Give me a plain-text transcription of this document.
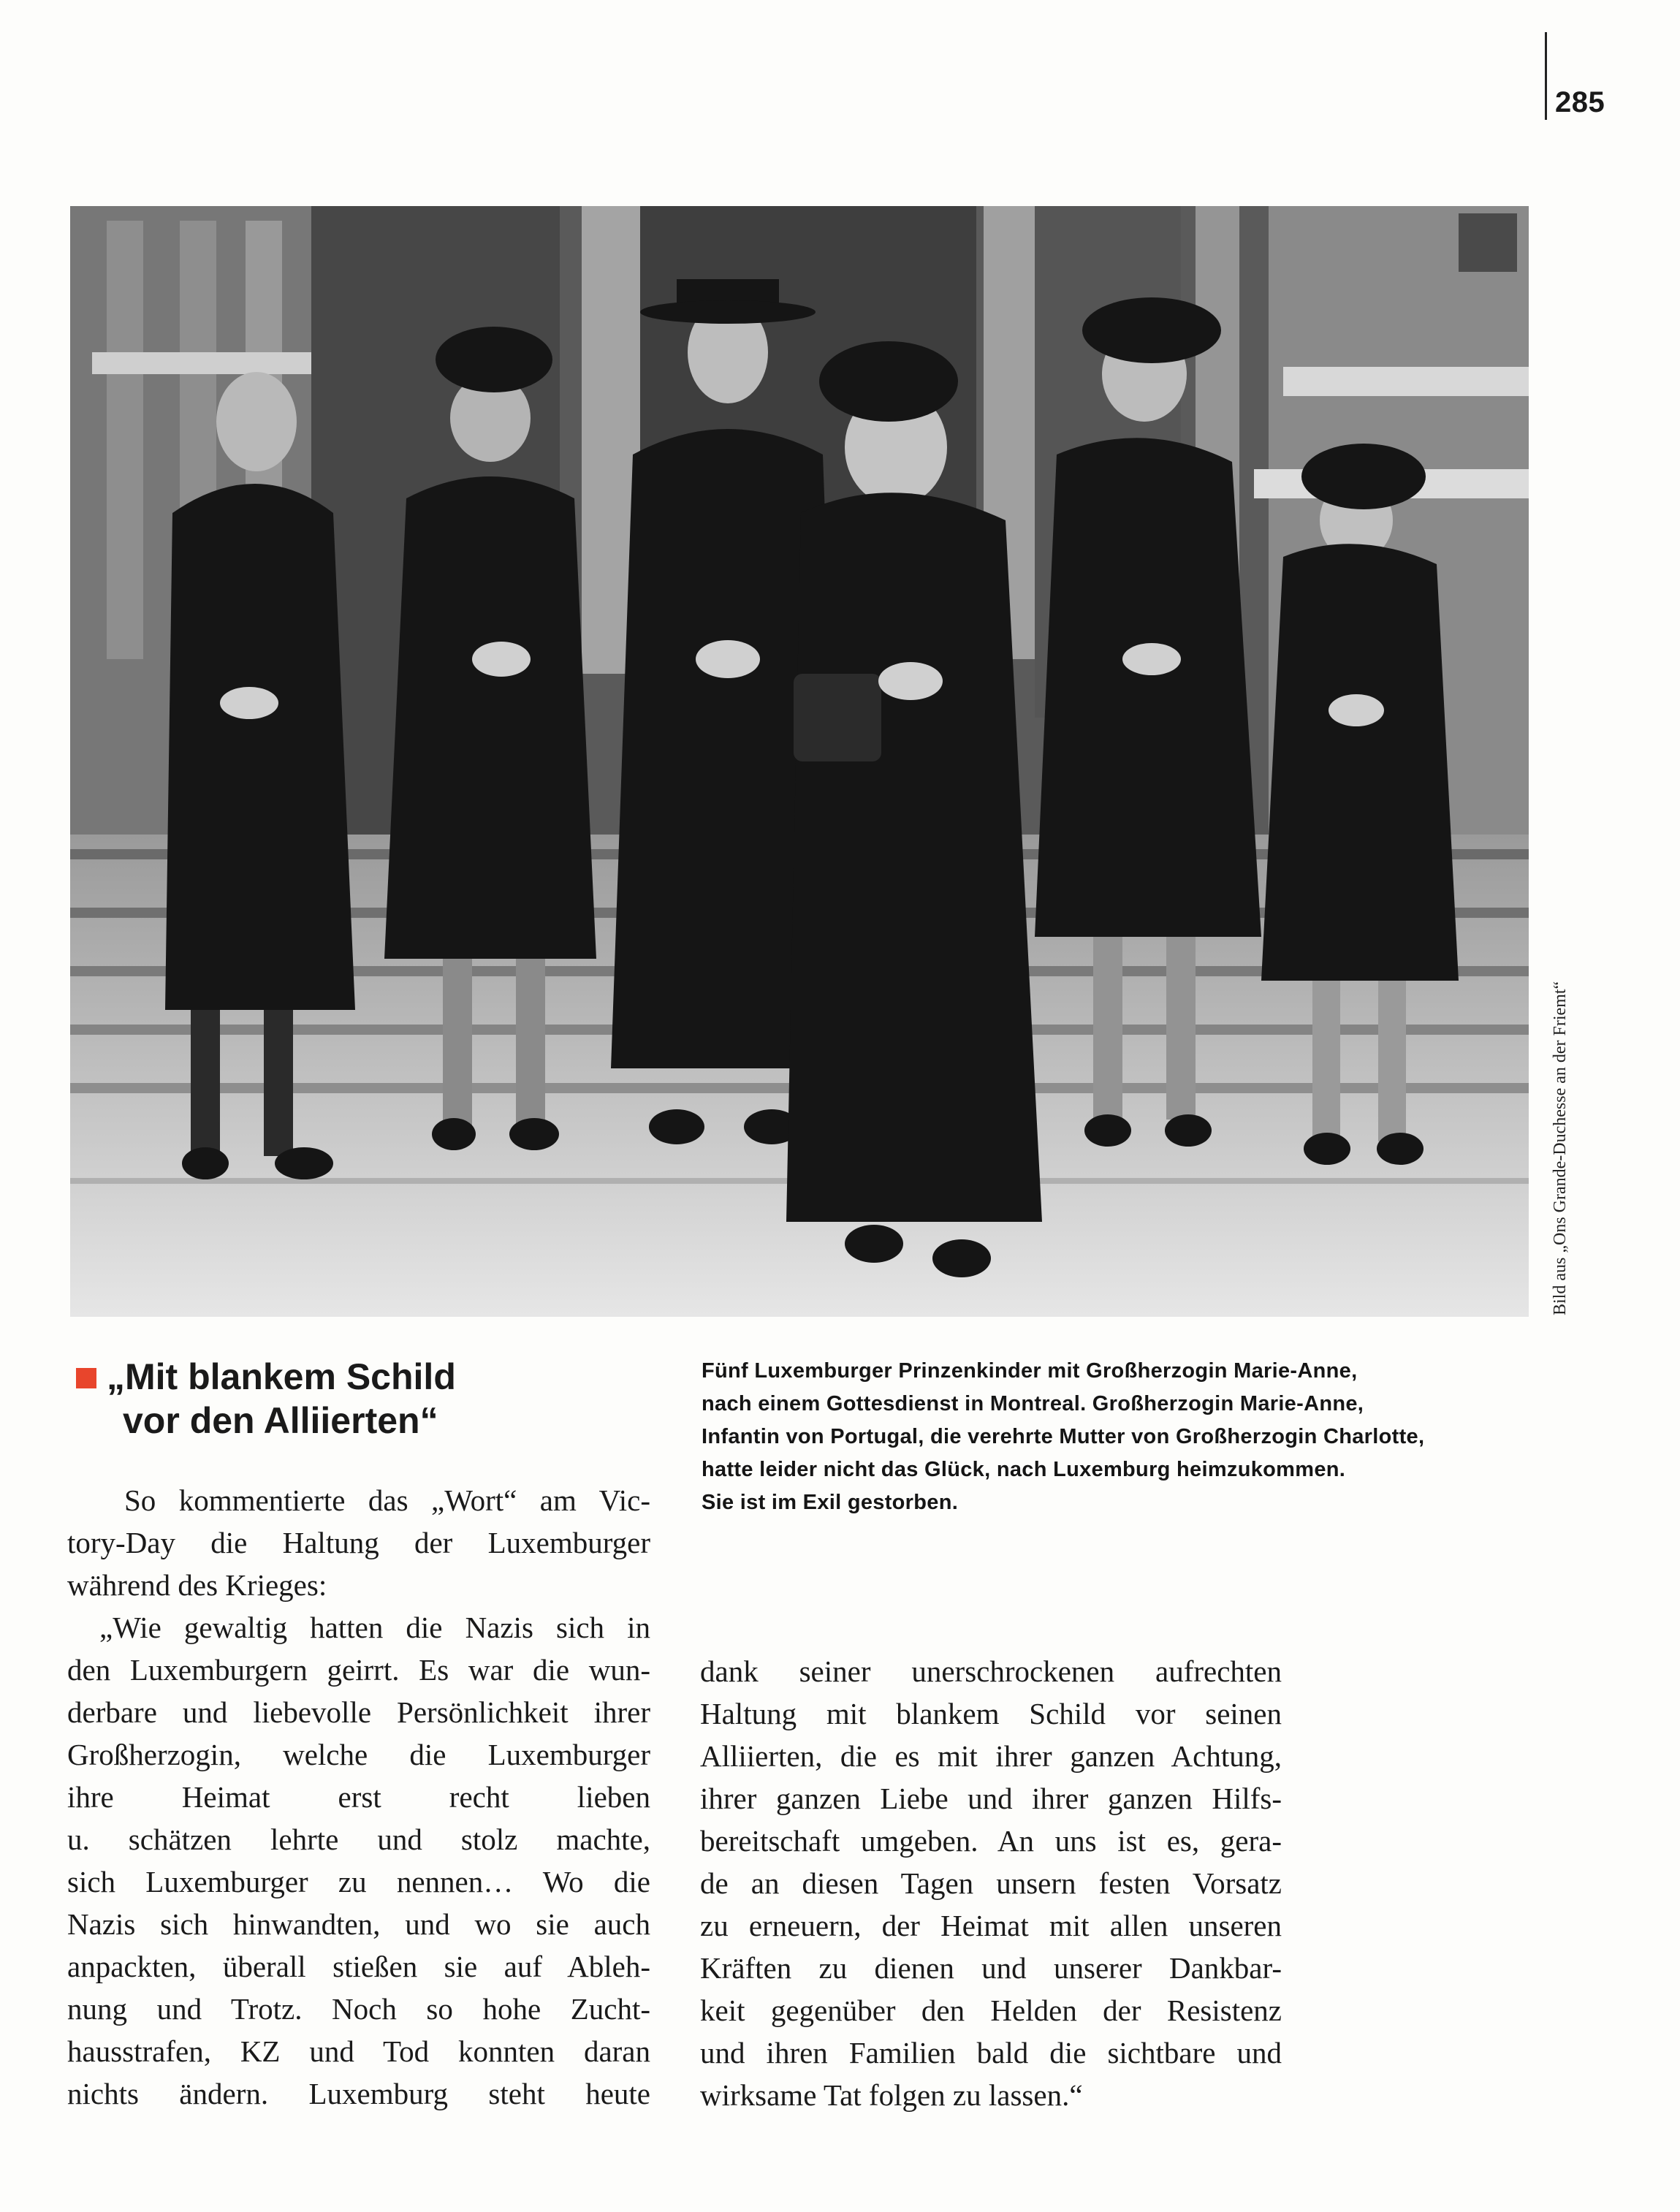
285
Bild aus „Ons Grande-Duchesse an der Friemt“
„Mit blankem Schild
vor den Alliierten“
Fünf Luxemburger Prinzenkinder mit Großherzogin Marie-Anne,
nach einem Gottesdienst in Montreal. Großherzogin Marie-Anne,
Infantin von Portugal, die verehrte Mutter von Großherzogin Charlotte,
hatte leider nicht das Glück, nach Luxemburg heimzukommen.
Sie ist im Exil gestorben.
So kommentierte das „Wort“ am Vic-
tory-Day die Haltung der Luxemburger
während des Krieges:
„Wie gewaltig hatten die Nazis sich in
den Luxemburgern geirrt. Es war die wun-
derbare und liebevolle Persönlichkeit ihrer
Großherzogin, welche die Luxemburger
ihre Heimat erst recht lieben
u. schätzen lehrte und stolz machte,
sich Luxemburger zu nennen… Wo die
Nazis sich hinwandten, und wo sie auch
anpackten, überall stießen sie auf Ableh-
nung und Trotz. Noch so hohe Zucht-
hausstrafen, KZ und Tod konnten daran
nichts ändern. Luxemburg steht heute
dank seiner unerschrockenen aufrechten
Haltung mit blankem Schild vor seinen
Alliierten, die es mit ihrer ganzen Achtung,
ihrer ganzen Liebe und ihrer ganzen Hilfs-
bereitschaft umgeben. An uns ist es, gera-
de an diesen Tagen unsern festen Vorsatz
zu erneuern, der Heimat mit allen unseren
Kräften zu dienen und unserer Dankbar-
keit gegenüber den Helden der Resistenz
und ihren Familien bald die sichtbare und
wirksame Tat folgen zu lassen.“
